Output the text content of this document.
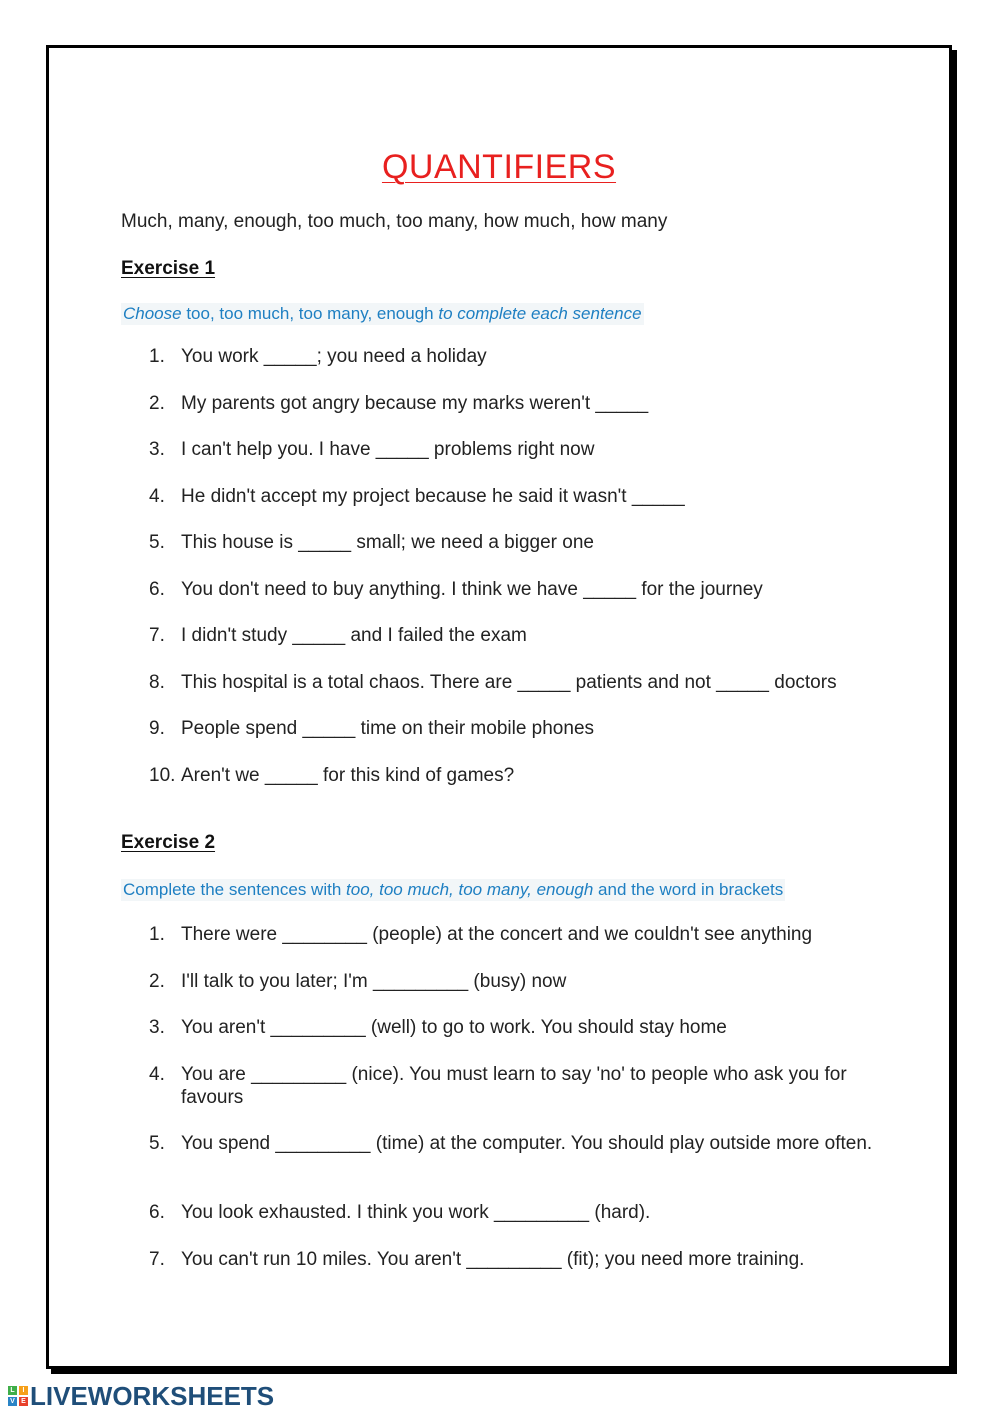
QUANTIFIERS
Much, many, enough, too much, too many, how much, how many
Exercise 1
Choose too, too much, too many, enough to complete each sentence
1. You work _____; you need a holiday
2. My parents got angry because my marks weren't _____
3. I can't help you. I have _____ problems right now
4. He didn't accept my project because he said it wasn't _____
5. This house is _____ small; we need a bigger one
6. You don't need to buy anything. I think we have _____ for the journey
7. I didn't study _____ and I failed the exam
8. This hospital is a total chaos. There are _____ patients and not _____ doctors
9. People spend _____ time on their mobile phones
10. Aren't we _____ for this kind of games?
Exercise 2
Complete the sentences with too, too much, too many, enough and the word in brackets
1. There were ________ (people) at the concert and we couldn't see anything
2. I'll talk to you later; I'm _________ (busy) now
3. You aren't _________ (well) to go to work. You should stay home
4. You are _________ (nice). You must learn to say 'no' to people who ask you for favours
5. You spend _________ (time) at the computer. You should play outside more often.
6. You look exhausted. I think you work _________ (hard).
7. You can't run 10 miles. You aren't _________ (fit); you need more training.
L	I
V E LIVEWORKSHEETS
